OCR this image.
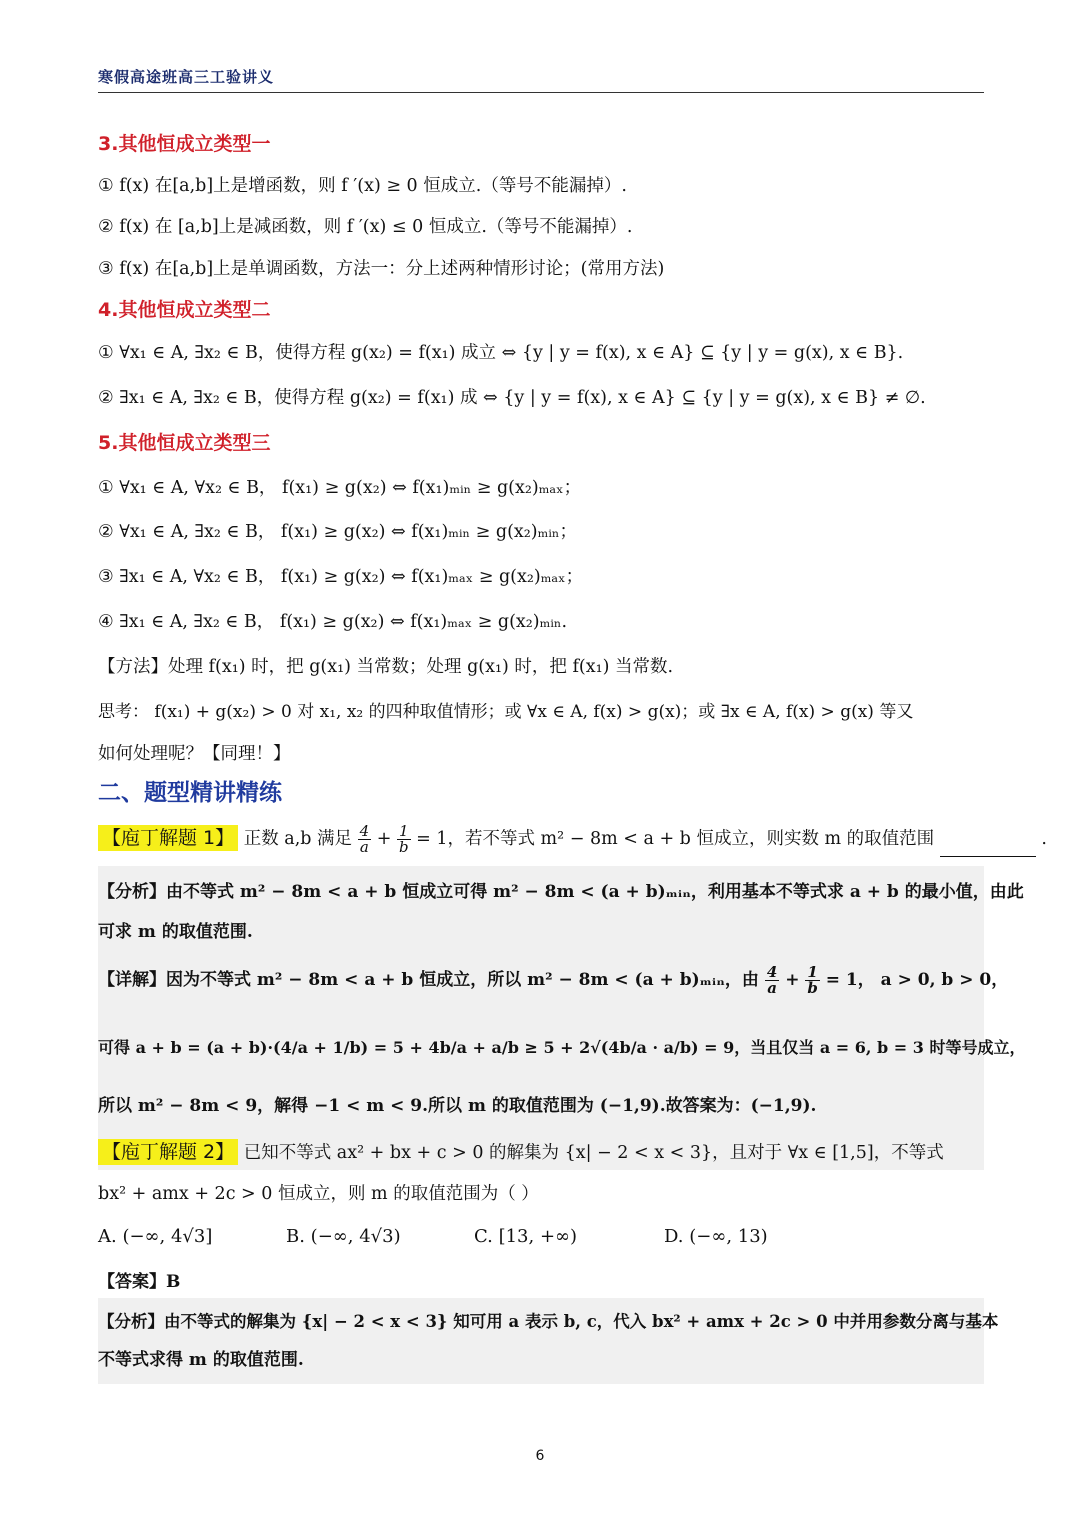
寒假高途班高三工验讲义
3.其他恒成立类型一
① f(x) 在[a,b]上是增函数，则 f ′(x) ≥ 0 恒成立.（等号不能漏掉）.
② f(x) 在 [a,b]上是减函数，则 f ′(x) ≤ 0 恒成立.（等号不能漏掉）.
③ f(x) 在[a,b]上是单调函数，方法一：分上述两种情形讨论；(常用方法)
4.其他恒成立类型二
① ∀x₁ ∈ A, ∃x₂ ∈ B，使得方程 g(x₂) = f(x₁) 成立 ⇔ {y | y = f(x), x ∈ A} ⊆ {y | y = g(x), x ∈ B}.
② ∃x₁ ∈ A, ∃x₂ ∈ B，使得方程 g(x₂) = f(x₁) 成 ⇔ {y | y = f(x), x ∈ A} ⊆ {y | y = g(x), x ∈ B} ≠ ∅.
5.其他恒成立类型三
① ∀x₁ ∈ A, ∀x₂ ∈ B， f(x₁) ≥ g(x₂) ⇔ f(x₁)ₘᵢₙ ≥ g(x₂)ₘₐₓ；
② ∀x₁ ∈ A, ∃x₂ ∈ B， f(x₁) ≥ g(x₂) ⇔ f(x₁)ₘᵢₙ ≥ g(x₂)ₘᵢₙ；
③ ∃x₁ ∈ A, ∀x₂ ∈ B， f(x₁) ≥ g(x₂) ⇔ f(x₁)ₘₐₓ ≥ g(x₂)ₘₐₓ；
④ ∃x₁ ∈ A, ∃x₂ ∈ B， f(x₁) ≥ g(x₂) ⇔ f(x₁)ₘₐₓ ≥ g(x₂)ₘᵢₙ.
【方法】处理 f(x₁) 时，把 g(x₁) 当常数；处理 g(x₁) 时，把 f(x₁) 当常数.
思考： f(x₁) + g(x₂) > 0 对 x₁, x₂ 的四种取值情形；或 ∀x ∈ A, f(x) > g(x)；或 ∃x ∈ A, f(x) > g(x) 等又
如何处理呢？【同理！】
二、题型精讲精练
【庖丁解题 1】 正数 a,b 满足 $\frac{4}{a} + \frac{1}{b} = 1$，若不等式 m² − 8m < a + b 恒成立，则实数 m 的取值范围	.
【分析】由不等式 m² − 8m < a + b 恒成立可得 m² − 8m < (a + b)ₘᵢₙ，利用基本不等式求 a + b 的最小值，由此
可求 m 的取值范围.
【详解】因为不等式 m² − 8m < a + b 恒成立，所以 m² − 8m < (a + b)ₘᵢₙ，由 $\frac{4}{a} + \frac{1}{b} = 1$， a > 0, b > 0，
可得 a + b = (a + b)·(4/a + 1/b) = 5 + 4b/a + a/b ≥ 5 + 2√(4b/a · a/b) = 9，当且仅当 a = 6, b = 3 时等号成立，
所以 m² − 8m < 9，解得 −1 < m < 9.所以 m 的取值范围为 (−1,9).故答案为：(−1,9).
【庖丁解题 2】 已知不等式 ax² + bx + c > 0 的解集为 {x| − 2 < x < 3}，且对于 ∀x ∈ [1,5]，不等式
bx² + amx + 2c > 0 恒成立，则 m 的取值范围为（ ）
A. (−∞, 4√3]	B. (−∞, 4√3)	C. [13, +∞)	D. (−∞, 13)
【答案】B
【分析】由不等式的解集为 {x| − 2 < x < 3} 知可用 a 表示 b, c，代入 bx² + amx + 2c > 0 中并用参数分离与基本
不等式求得 m 的取值范围.
6
